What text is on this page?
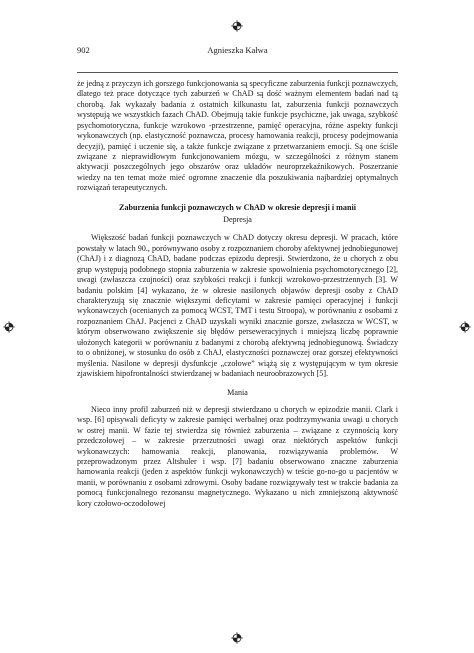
902	Agnieszka Kałwa

że jedną z przyczyn ich gorszego funkcjonowania są specyficzne zaburzenia funkcji poznawczych, dlatego też prace dotyczące tych zaburzeń w ChAD są dość ważnym elementem badań nad tą chorobą. Jak wykazały badania z ostatnich kilkunastu lat, zaburzenia funkcji poznawczych występują we wszystkich fazach ChAD. Obejmują takie funkcje psychiczne, jak uwaga, szybkość psychomotoryczna, funkcje wzrokowo -przestrzenne, pamięć operacyjna, różne aspekty funkcji wykonawczych (np. elastyczność poznawcza, procesy hamowania reakcji, procesy podejmowania decyzji), pamięć i uczenie się, a także funkcje związane z przetwarzaniem emocji. Są one ściśle związane z nieprawidłowym funkcjonowaniem mózgu, w szczególności z różnym stanem aktywacji poszczególnych jego obszarów oraz układów neuroprzekaźnikowych. Poszerzanie wiedzy na ten temat może mieć ogromne znaczenie dla poszukiwania najbardziej optymalnych rozwiązań terapeutycznych.

Zaburzenia funkcji poznawczych w ChAD w okresie depresji i manii
Depresja

Większość badań funkcji poznawczych w ChAD dotyczy okresu depresji. W pracach, które powstały w latach 90., porównywano osoby z rozpoznaniem choroby afektywnej jednobiegunowej (ChAJ) i z diagnozą ChAD, badane podczas epizodu depresji. Stwierdzono, że u chorych z obu grup występują podobnego stopnia zaburzenia w zakresie spowolnienia psychomotorycznego [2], uwagi (zwłaszcza czujności) oraz szybkości reakcji i funkcji wzrokowo-przestrzennych [3]. W badaniu polskim [4] wykazano, że w okresie nasilonych objawów depresji osoby z ChAD charakteryzują się znacznie większymi deficytami w zakresie pamięci operacyjnej i funkcji wykonawczych (ocenianych za pomocą WCST, TMT i testu Stroopa), w porównaniu z osobami z rozpoznaniem ChAJ. Pacjenci z ChAD uzyskali wyniki znacznie gorsze, zwłaszcza w WCST, w którym obserwowano zwiększenie się błędów perseweracyjnych i mniejszą liczbę poprawnie ułożonych kategorii w porównaniu z badanymi z chorobą afektywną jednobiegunową. Świadczy to o obniżonej, w stosunku do osób z ChAJ, elastyczności poznawczej oraz gorszej efektywności myślenia. Nasilone w depresji dysfunkcje „czołowe” wiążą się z występującym w tym okresie zjawiskiem hipofrontalności stwierdzanej w badaniach neuroobrazowych [5].

Mania

Nieco inny profil zaburzeń niż w depresji stwierdzano u chorych w epizodzie manii. Clark i wsp. [6] opisywali deficyty w zakresie pamięci werbalnej oraz podtrzymywania uwagi u chorych w ostrej manii. W fazie tej stwierdza się również zaburzenia – związane z czynnością kory przedczołowej – w zakresie przerzutności uwagi oraz niektórych aspektów funkcji wykonawczych: hamowania reakcji, planowania, rozwiązywania problemów. W przeprowadzonym przez Altshuler i wsp. [7] badaniu obserwowano znaczne zaburzenia hamowania reakcji (jeden z aspektów funkcji wykonawczych) w teście go-no-go u pacjentów w manii, w porównaniu z osobami zdrowymi. Osoby badane rozwiązywały test w trakcie badania za pomocą funkcjonalnego rezonansu magnetycznego. Wykazano u nich zmniejszoną aktywność kory czołowo-oczodołowej
